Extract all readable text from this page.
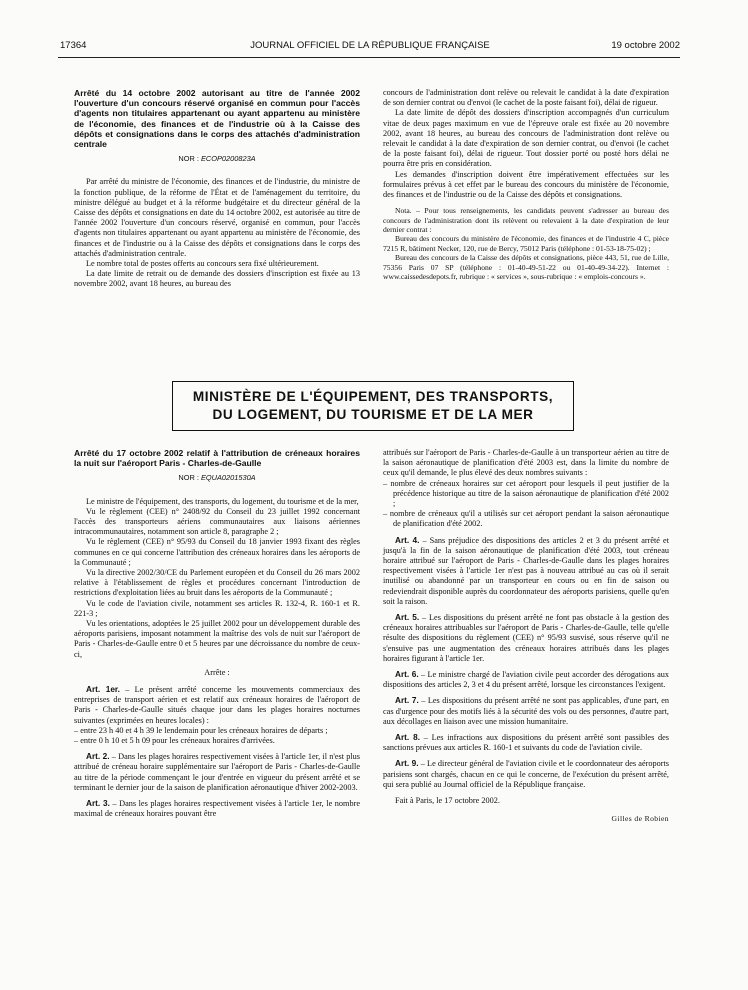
17364	JOURNAL OFFICIEL DE LA RÉPUBLIQUE FRANÇAISE	19 octobre 2002
Arrêté du 14 octobre 2002 autorisant au titre de l'année 2002 l'ouverture d'un concours réservé organisé en commun pour l'accès d'agents non titulaires appartenant ou ayant appartenu au ministère de l'économie, des finances et de l'industrie où à la Caisse des dépôts et consignations dans le corps des attachés d'administration centrale
NOR : ECOP0200823A

Par arrêté du ministre de l'économie, des finances et de l'industrie, du ministre de la fonction publique, de la réforme de l'État et de l'aménagement du territoire, du ministre délégué au budget et à la réforme budgétaire et du directeur général de la Caisse des dépôts et consignations en date du 14 octobre 2002, est autorisée au titre de l'année 2002 l'ouverture d'un concours réservé, organisé en commun, pour l'accès d'agents non titulaires appartenant ou ayant appartenu au ministère de l'économie, des finances et de l'industrie ou à la Caisse des dépôts et consignations dans le corps des attachés d'administration centrale.

Le nombre total de postes offerts au concours sera fixé ultérieurement.

La date limite de retrait ou de demande des dossiers d'inscription est fixée au 13 novembre 2002, avant 18 heures, au bureau des

concours de l'administration dont relève ou relevait le candidat à la date d'expiration de son dernier contrat ou d'envoi (le cachet de la poste faisant foi), délai de rigueur.

La date limite de dépôt des dossiers d'inscription accompagnés d'un curriculum vitae de deux pages maximum en vue de l'épreuve orale est fixée au 20 novembre 2002, avant 18 heures, au bureau des concours de l'administration dont relève ou relevait le candidat à la date d'expiration de son dernier contrat, ou d'envoi (le cachet de la poste faisant foi), délai de rigueur. Tout dossier porté ou posté hors délai ne pourra être pris en considération.

Les demandes d'inscription doivent être impérativement effectuées sur les formulaires prévus à cet effet par le bureau des concours du ministère de l'économie, des finances et de l'industrie ou de la Caisse des dépôts et consignations.

Nota. – Pour tous renseignements, les candidats peuvent s'adresser au bureau des concours de l'administration dont ils relèvent ou relevaient à la date d'expiration de leur dernier contrat :

Bureau des concours du ministère de l'économie, des finances et de l'industrie 4 C, pièce 7215 R, bâtiment Necker, 120, rue de Bercy, 75012 Paris (téléphone : 01-53-18-75-02) ;

Bureau des concours de la Caisse des dépôts et consignations, pièce 443, 51, rue de Lille, 75356 Paris 07 SP (téléphone : 01-40-49-51-22 ou 01-40-49-34-22). Internet : www.caissedesdepots.fr, rubrique : « services », sous-rubrique : « emplois-concours ».

MINISTÈRE DE L'ÉQUIPEMENT, DES TRANSPORTS,
DU LOGEMENT, DU TOURISME ET DE LA MER
Arrêté du 17 octobre 2002 relatif à l'attribution de créneaux horaires la nuit sur l'aéroport Paris - Charles-de-Gaulle
NOR : EQUA0201530A

Le ministre de l'équipement, des transports, du logement, du tourisme et de la mer,

Vu le règlement (CEE) n° 2408/92 du Conseil du 23 juillet 1992 concernant l'accès des transporteurs aériens communautaires aux liaisons aériennes intracommunautaires, notamment son article 8, paragraphe 2 ;

Vu le règlement (CEE) n° 95/93 du Conseil du 18 janvier 1993 fixant des règles communes en ce qui concerne l'attribution des créneaux horaires dans les aéroports de la Communauté ;

Vu la directive 2002/30/CE du Parlement européen et du Conseil du 26 mars 2002 relative à l'établissement de règles et procédures concernant l'introduction de restrictions d'exploitation liées au bruit dans les aéroports de la Communauté ;

Vu le code de l'aviation civile, notamment ses articles R. 132-4, R. 160-1 et R. 221-3 ;

Vu les orientations, adoptées le 25 juillet 2002 pour un développement durable des aéroports parisiens, imposant notamment la maîtrise des vols de nuit sur l'aéroport de Paris - Charles-de-Gaulle entre 0 et 5 heures par une décroissance du nombre de ceux-ci,

Arrête :

Art. 1er. – Le présent arrêté concerne les mouvements commerciaux des entreprises de transport aérien et est relatif aux créneaux horaires de l'aéroport de Paris - Charles-de-Gaulle situés chaque jour dans les plages horaires nocturnes suivantes (exprimées en heures locales) :

– entre 23 h 40 et 4 h 39 le lendemain pour les créneaux horaires de départs ;
– entre 0 h 10 et 5 h 09 pour les créneaux horaires d'arrivées.

Art. 2. – Dans les plages horaires respectivement visées à l'article 1er, il n'est plus attribué de créneau horaire supplémentaire sur l'aéroport de Paris - Charles-de-Gaulle au titre de la période commençant le jour d'entrée en vigueur du présent arrêté et se terminant le dernier jour de la saison de planification aéronautique d'hiver 2002-2003.

Art. 3. – Dans les plages horaires respectivement visées à l'article 1er, le nombre maximal de créneaux horaires pouvant être

attribués sur l'aéroport de Paris - Charles-de-Gaulle à un transporteur aérien au titre de la saison aéronautique de planification d'été 2003 est, dans la limite du nombre de ceux qu'il demande, le plus élevé des deux nombres suivants :

– nombre de créneaux horaires sur cet aéroport pour lesquels il peut justifier de la précédence historique au titre de la saison aéronautique de planification d'été 2002 ;
– nombre de créneaux qu'il a utilisés sur cet aéroport pendant la saison aéronautique de planification d'été 2002.

Art. 4. – Sans préjudice des dispositions des articles 2 et 3 du présent arrêté et jusqu'à la fin de la saison aéronautique de planification d'été 2003, tout créneau horaire attribué sur l'aéroport de Paris - Charles-de-Gaulle dans les plages horaires respectivement visées à l'article 1er n'est pas à nouveau attribué au cas où il serait inutilisé ou abandonné par un transporteur en cours ou en fin de saison ou redeviendrait disponible auprès du coordonnateur des aéroports parisiens, quelle qu'en soit la raison.

Art. 5. – Les dispositions du présent arrêté ne font pas obstacle à la gestion des créneaux horaires attribuables sur l'aéroport de Paris - Charles-de-Gaulle, telle qu'elle résulte des dispositions du règlement (CEE) n° 95/93 susvisé, sous réserve qu'il ne s'ensuive pas une augmentation des créneaux horaires attribués dans les plages horaires figurant à l'article 1er.

Art. 6. – Le ministre chargé de l'aviation civile peut accorder des dérogations aux dispositions des articles 2, 3 et 4 du présent arrêté, lorsque les circonstances l'exigent.

Art. 7. – Les dispositions du présent arrêté ne sont pas applicables, d'une part, en cas d'urgence pour des motifs liés à la sécurité des vols ou des personnes, d'autre part, aux décollages en liaison avec une mission humanitaire.

Art. 8. – Les infractions aux dispositions du présent arrêté sont passibles des sanctions prévues aux articles R. 160-1 et suivants du code de l'aviation civile.

Art. 9. – Le directeur général de l'aviation civile et le coordonnateur des aéroports parisiens sont chargés, chacun en ce qui le concerne, de l'exécution du présent arrêté, qui sera publié au Journal officiel de la République française.

Fait à Paris, le 17 octobre 2002.

Gilles de Robien
